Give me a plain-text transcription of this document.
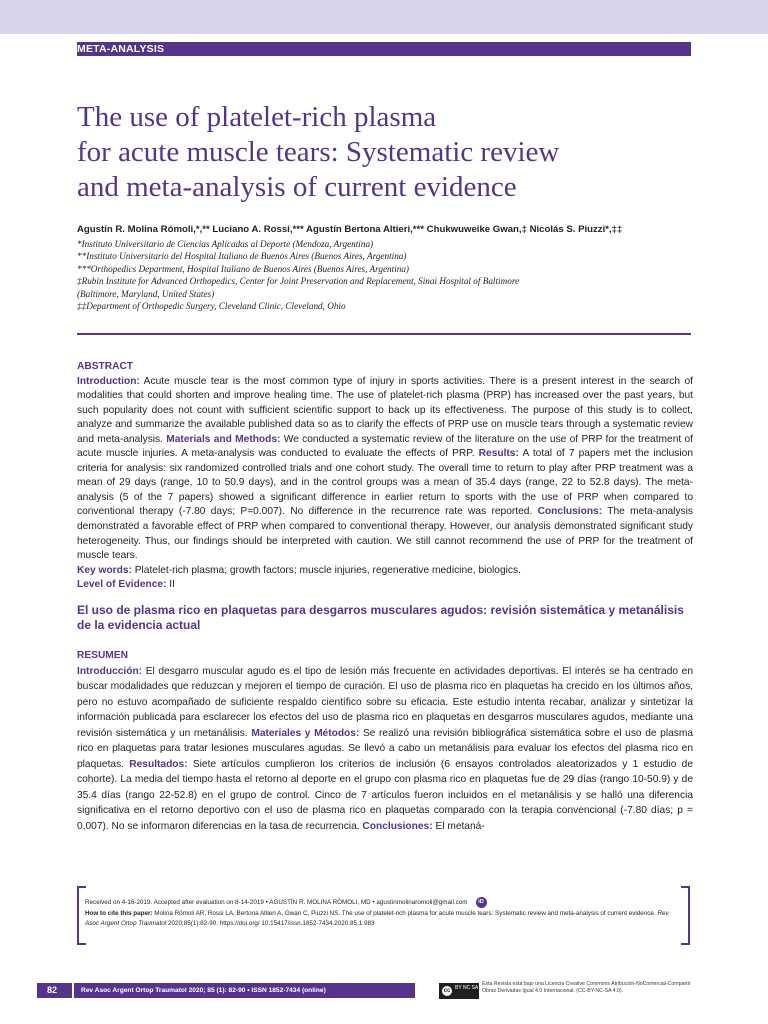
META-ANALYSIS
The use of platelet-rich plasma
for acute muscle tears: Systematic review
and meta-analysis of current evidence
Agustín R. Molina Rómoli,*,** Luciano A. Rossi,*** Agustín Bertona Altieri,*** Chukwuweike Gwan,‡ Nicolás S. Piuzzi*,‡‡
*Instituto Universitario de Ciencias Aplicadas al Deporte (Mendoza, Argentina)
**Instituto Universitario del Hospital Italiano de Buenos Aires (Buenos Aires, Argentina)
***Orthopedics Department, Hospital Italiano de Buenos Aires (Buenos Aires, Argentina)
‡Rubin Institute for Advanced Orthopedics, Center for Joint Preservation and Replacement, Sinai Hospital of Baltimore
(Baltimore, Maryland, United States)
‡‡Department of Orthopedic Surgery, Cleveland Clinic, Cleveland, Ohio
ABSTRACT
Introduction: Acute muscle tear is the most common type of injury in sports activities. There is a present interest in the search of modalities that could shorten and improve healing time. The use of platelet-rich plasma (PRP) has increased over the past years, but such popularity does not count with sufficient scientific support to back up its effectiveness. The purpose of this study is to collect, analyze and summarize the available published data so as to clarify the effects of PRP use on muscle tears through a systematic review and meta-analysis. Materials and Methods: We conducted a systematic review of the literature on the use of PRP for the treatment of acute muscle injuries. A meta-analysis was conducted to evaluate the effects of PRP. Results: A total of 7 papers met the inclusion criteria for analysis: six randomized controlled trials and one cohort study. The overall time to return to play after PRP treatment was a mean of 29 days (range, 10 to 50.9 days), and in the control groups was a mean of 35.4 days (range, 22 to 52.8 days). The meta-analysis (5 of the 7 papers) showed a significant difference in earlier return to sports with the use of PRP when compared to conventional therapy (-7.80 days; P=0.007). No difference in the recurrence rate was reported. Conclusions: The meta-analysis demonstrated a favorable effect of PRP when compared to conventional therapy. However, our analysis demonstrated significant study heterogeneity. Thus, our findings should be interpreted with caution. We still cannot recommend the use of PRP for the treatment of muscle tears.
Key words: Platelet-rich plasma; growth factors; muscle injuries, regenerative medicine, biologics.
Level of Evidence: II
El uso de plasma rico en plaquetas para desgarros musculares agudos: revisión sistemática y metanálisis de la evidencia actual
RESUMEN
Introducción: El desgarro muscular agudo es el tipo de lesión más frecuente en actividades deportivas. El interés se ha centrado en buscar modalidades que reduzcan y mejoren el tiempo de curación. El uso de plasma rico en plaquetas ha crecido en los últimos años, pero no estuvo acompañado de suficiente respaldo científico sobre su eficacia. Este estudio intenta recabar, analizar y sintetizar la información publicada para esclarecer los efectos del uso de plasma rico en plaquetas en desgarros musculares agudos, mediante una revisión sistemática y un metanálisis. Materiales y Métodos: Se realizó una revisión bibliográfica sistemática sobre el uso de plasma rico en plaquetas para tratar lesiones musculares agudas. Se llevó a cabo un metanálisis para evaluar los efectos del plasma rico en plaquetas. Resultados: Siete artículos cumplieron los criterios de inclusión (6 ensayos controlados aleatorizados y 1 estudio de cohorte). La media del tiempo hasta el retorno al deporte en el grupo con plasma rico en plaquetas fue de 29 días (rango 10-50.9) y de 35.4 días (rango 22-52.8) en el grupo de control. Cinco de 7 artículos fueron incluidos en el metanálisis y se halló una diferencia significativa en el retorno deportivo con el uso de plasma rico en plaquetas comparado con la terapia convencional (-7.80 días; p = 0,007). No se informaron diferencias en la tasa de recurrencia. Conclusiones: El metaná-
Received on 4-16-2019. Accepted after evaluation on 8-14-2019 • AGUSTÍN R. MOLINA RÓMOLI, MD • agustinmolinaromoli@gmail.com iD
How to cite this paper: Molina Rómoli AR, Rossi LA, Bertona Altieri A, Gwan C, Piuzzi NS. The use of platelet-rich plasma for acute muscle tears: Systematic review and meta-analysis of current evidence. Rev Asoc Argent Ortop Traumatol 2020;85(1):82-90. https://doi.org/ 10.15417/issn.1852-7434.2020.85.1.983
82	Rev Asoc Argent Ortop Traumatol 2020; 85 (1): 82-90 • ISSN 1852-7434 (online)	cc BY NC SA
Esta Revista está bajo una Licencia Creative Commons Atribución-NoComercial-Compartir Obras Derivadas Igual 4.0 Internacional. (CC-BY-NC-SA 4.0).
